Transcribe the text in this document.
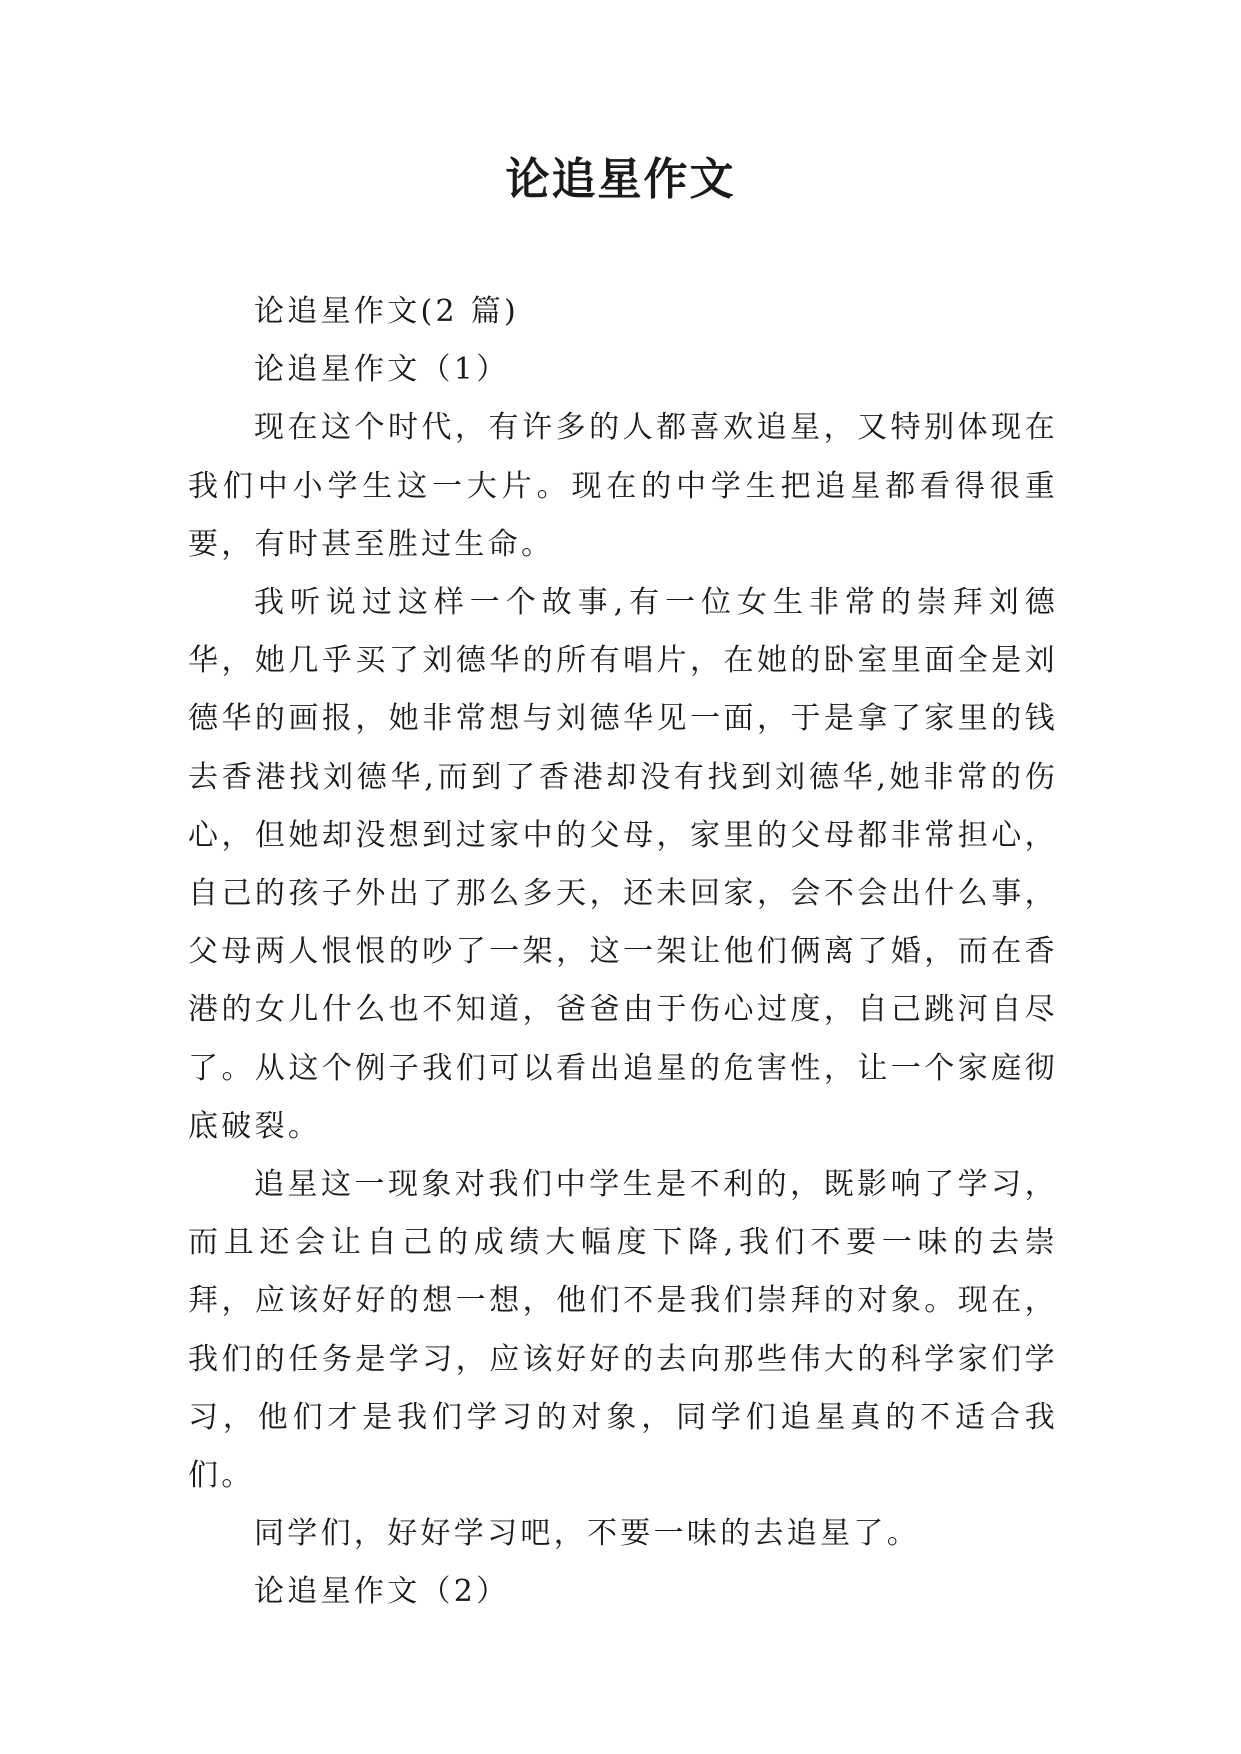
论追星作文

论追星作文(2 篇)

论追星作文（1）

现在这个时代，有许多的人都喜欢追星，又特别体现在我们中小学生这一大片。现在的中学生把追星都看得很重要，有时甚至胜过生命。

我听说过这样一个故事,有一位女生非常的崇拜刘德华，她几乎买了刘德华的所有唱片，在她的卧室里面全是刘德华的画报，她非常想与刘德华见一面，于是拿了家里的钱去香港找刘德华,而到了香港却没有找到刘德华,她非常的伤心，但她却没想到过家中的父母，家里的父母都非常担心，自己的孩子外出了那么多天，还未回家，会不会出什么事，父母两人恨恨的吵了一架，这一架让他们俩离了婚，而在香港的女儿什么也不知道，爸爸由于伤心过度，自己跳河自尽了。从这个例子我们可以看出追星的危害性，让一个家庭彻底破裂。

追星这一现象对我们中学生是不利的，既影响了学习，而且还会让自己的成绩大幅度下降,我们不要一味的去崇拜，应该好好的想一想，他们不是我们崇拜的对象。现在，我们的任务是学习，应该好好的去向那些伟大的科学家们学习，他们才是我们学习的对象，同学们追星真的不适合我们。

同学们，好好学习吧，不要一味的去追星了。

论追星作文（2）
